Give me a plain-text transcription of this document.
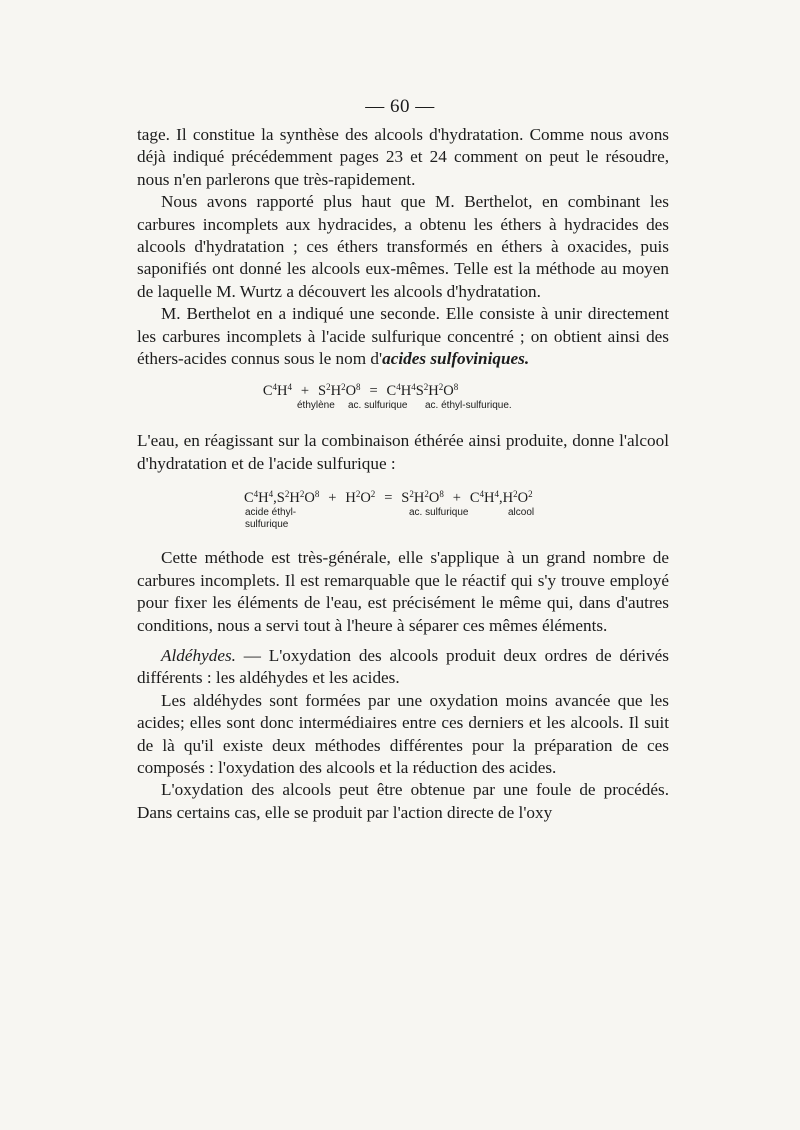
— 60 —

tage. Il constitue la synthèse des alcools d'hydratation. Comme nous avons déjà indiqué précédemment pages 23 et 24 comment on peut le résoudre, nous n'en parlerons que très-rapidement.

Nous avons rapporté plus haut que M. Berthelot, en combinant les carbures incomplets aux hydracides, a obtenu les éthers à hydracides des alcools d'hydratation ; ces éthers transformés en éthers à oxacides, puis saponifiés ont donné les alcools eux-mêmes. Telle est la méthode au moyen de laquelle M. Wurtz a découvert les alcools d'hydratation.

M. Berthelot en a indiqué une seconde. Elle consiste à unir directement les carbures incomplets à l'acide sulfurique concentré ; on obtient ainsi des éthers-acides connus sous le nom d'acides sulfoviniques.

$C^4H^4 + S^2H^2O^8 = C^4H^4S^2H^2O^8$
éthylène ac. sulfurique ac. éthyl-sulfurique.

L'eau, en réagissant sur la combinaison éthérée ainsi produite, donne l'alcool d'hydratation et de l'acide sulfurique :

$C^4H^4,S^2H^2O^8 + H^2O^2 = S^2H^2O^8 + C^4H^4,H^2O^2$
acide éthyl-
sulfurique
ac. sulfurique	alcool

Cette méthode est très-générale, elle s'applique à un grand nombre de carbures incomplets. Il est remarquable que le réactif qui s'y trouve employé pour fixer les éléments de l'eau, est précisément le même qui, dans d'autres conditions, nous a servi tout à l'heure à séparer ces mêmes éléments.

Aldéhydes. — L'oxydation des alcools produit deux ordres de dérivés différents : les aldéhydes et les acides.

Les aldéhydes sont formées par une oxydation moins avancée que les acides; elles sont donc intermédiaires entre ces derniers et les alcools. Il suit de là qu'il existe deux méthodes différentes pour la préparation de ces composés : l'oxydation des alcools et la réduction des acides.

L'oxydation des alcools peut être obtenue par une foule de procédés. Dans certains cas, elle se produit par l'action directe de l'oxy
